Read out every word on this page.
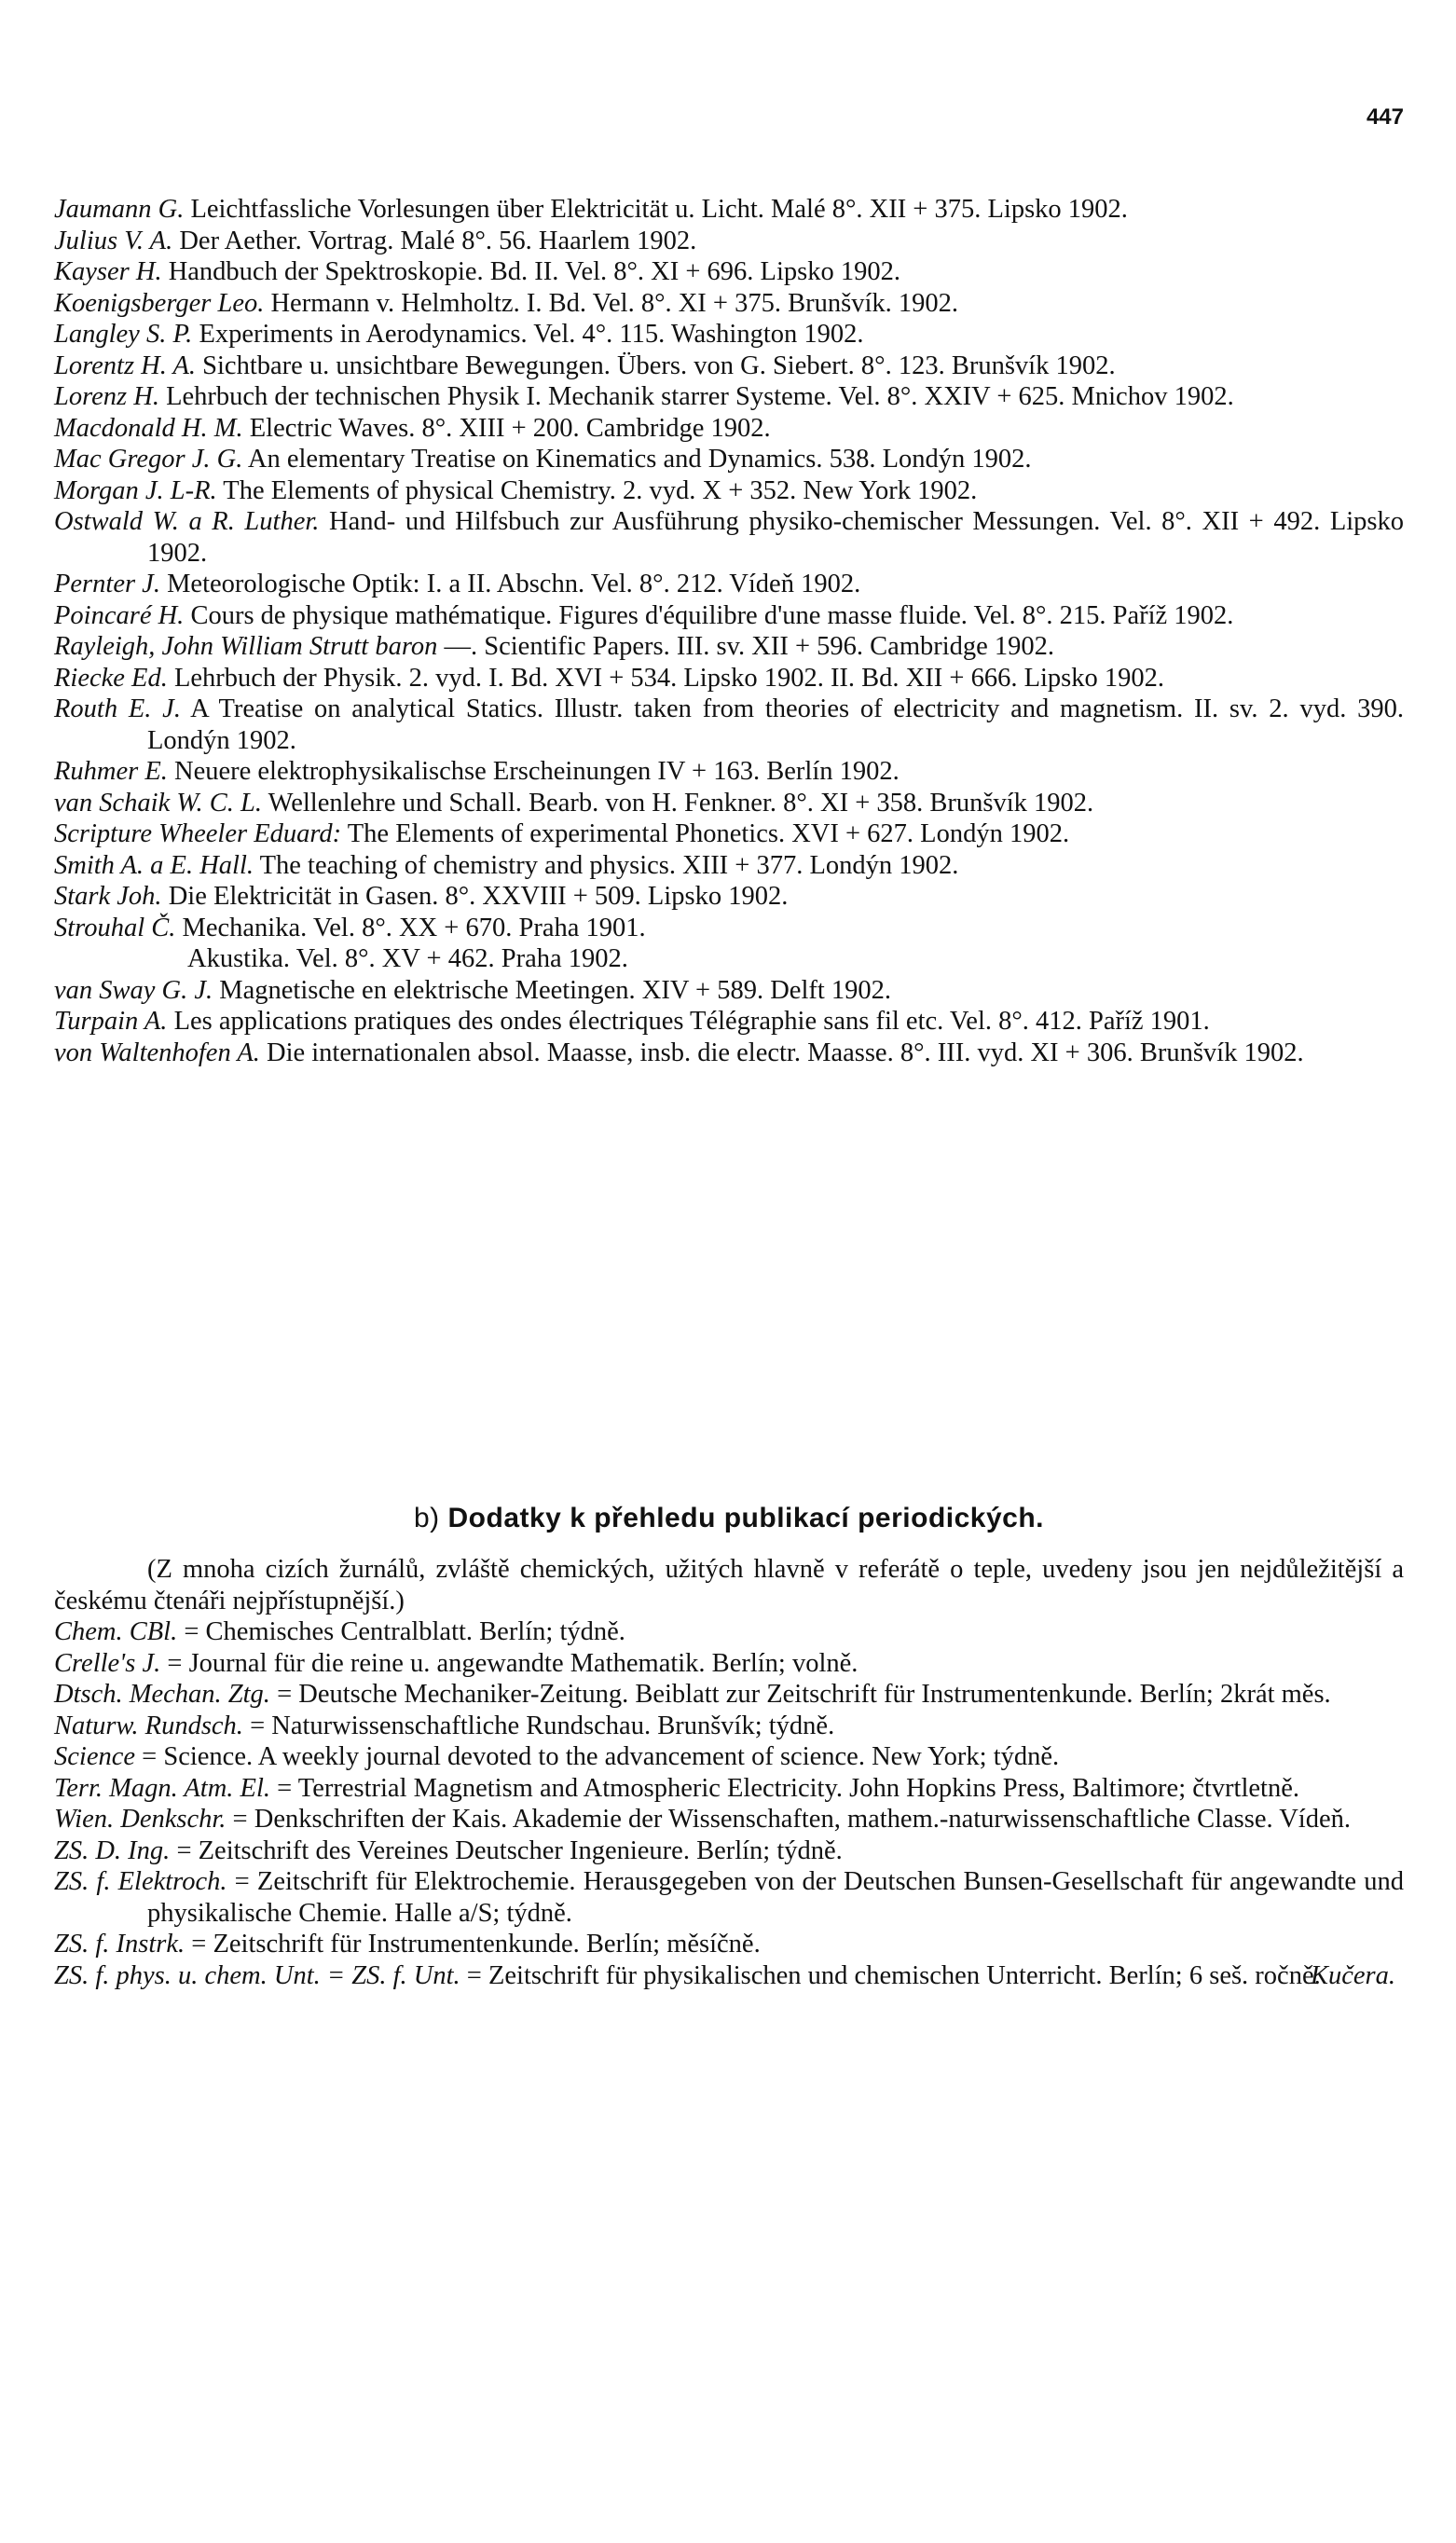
447

Jaumann G. Leichtfassliche Vorlesungen über Elektricität u. Licht. Malé 8°. XII + 375. Lipsko 1902.

Julius V. A. Der Aether. Vortrag. Malé 8°. 56. Haarlem 1902.

Kayser H. Handbuch der Spektroskopie. Bd. II. Vel. 8°. XI + 696. Lipsko 1902.

Koenigsberger Leo. Hermann v. Helmholtz. I. Bd. Vel. 8°. XI + 375. Brunšvík. 1902.

Langley S. P. Experiments in Aerodynamics. Vel. 4°. 115. Washington 1902.

Lorentz H. A. Sichtbare u. unsichtbare Bewegungen. Übers. von G. Siebert. 8°. 123. Brunšvík 1902.

Lorenz H. Lehrbuch der technischen Physik I. Mechanik starrer Systeme. Vel. 8°. XXIV + 625. Mnichov 1902.

Macdonald H. M. Electric Waves. 8°. XIII + 200. Cambridge 1902.

Mac Gregor J. G. An elementary Treatise on Kinematics and Dynamics. 538. Londýn 1902.

Morgan J. L-R. The Elements of physical Chemistry. 2. vyd. X + 352. New York 1902.

Ostwald W. a R. Luther. Hand- und Hilfsbuch zur Ausführung physiko-chemischer Messungen. Vel. 8°. XII + 492. Lipsko 1902.

Pernter J. Meteorologische Optik: I. a II. Abschn. Vel. 8°. 212. Vídeň 1902.

Poincaré H. Cours de physique mathématique. Figures d'équilibre d'une masse fluide. Vel. 8°. 215. Paříž 1902.

Rayleigh, John William Strutt baron —. Scientific Papers. III. sv. XII + 596. Cambridge 1902.

Riecke Ed. Lehrbuch der Physik. 2. vyd. I. Bd. XVI + 534. Lipsko 1902. II. Bd. XII + 666. Lipsko 1902.

Routh E. J. A Treatise on analytical Statics. Illustr. taken from theories of electricity and magnetism. II. sv. 2. vyd. 390. Londýn 1902.

Ruhmer E. Neuere elektrophysikalischse Erscheinungen IV + 163. Berlín 1902.

van Schaik W. C. L. Wellenlehre und Schall. Bearb. von H. Fenkner. 8°. XI + 358. Brunšvík 1902.

Scripture Wheeler Eduard: The Elements of experimental Phonetics. XVI + 627. Londýn 1902.

Smith A. a E. Hall. The teaching of chemistry and physics. XIII + 377. Londýn 1902.

Stark Joh. Die Elektricität in Gasen. 8°. XXVIII + 509. Lipsko 1902.

Strouhal Č. Mechanika. Vel. 8°. XX + 670. Praha 1901.

Akustika. Vel. 8°. XV + 462. Praha 1902.

van Sway G. J. Magnetische en elektrische Meetingen. XIV + 589. Delft 1902.

Turpain A. Les applications pratiques des ondes électriques Télégraphie sans fil etc. Vel. 8°. 412. Paříž 1901.

von Waltenhofen A. Die internationalen absol. Maasse, insb. die electr. Maasse. 8°. III. vyd. XI + 306. Brunšvík 1902.

b) Dodatky k přehledu publikací periodických.

(Z mnoha cizích žurnálů, zvláště chemických, užitých hlavně v referátě o teple, uvedeny jsou jen nejdůležitější a českému čtenáři nejpřístupnější.)

Chem. CBl. = Chemisches Centralblatt. Berlín; týdně.

Crelle's J. = Journal für die reine u. angewandte Mathematik. Berlín; volně.

Dtsch. Mechan. Ztg. = Deutsche Mechaniker-Zeitung. Beiblatt zur Zeitschrift für Instrumentenkunde. Berlín; 2krát měs.

Naturw. Rundsch. = Naturwissenschaftliche Rundschau. Brunšvík; týdně.

Science = Science. A weekly journal devoted to the advancement of science. New York; týdně.

Terr. Magn. Atm. El. = Terrestrial Magnetism and Atmospheric Electricity. John Hopkins Press, Baltimore; čtvrtletně.

Wien. Denkschr. = Denkschriften der Kais. Akademie der Wissenschaften, mathem.-naturwissenschaftliche Classe. Vídeň.

ZS. D. Ing. = Zeitschrift des Vereines Deutscher Ingenieure. Berlín; týdně.

ZS. f. Elektroch. = Zeitschrift für Elektrochemie. Herausgegeben von der Deutschen Bunsen-Gesellschaft für angewandte und physikalische Chemie. Halle a/S; týdně.

ZS. f. Instrk. = Zeitschrift für Instrumentenkunde. Berlín; měsíčně.

ZS. f. phys. u. chem. Unt. = ZS. f. Unt. = Zeitschrift für physikalischen und chemischen Unterricht. Berlín; 6 seš. ročně.
Kučera.
